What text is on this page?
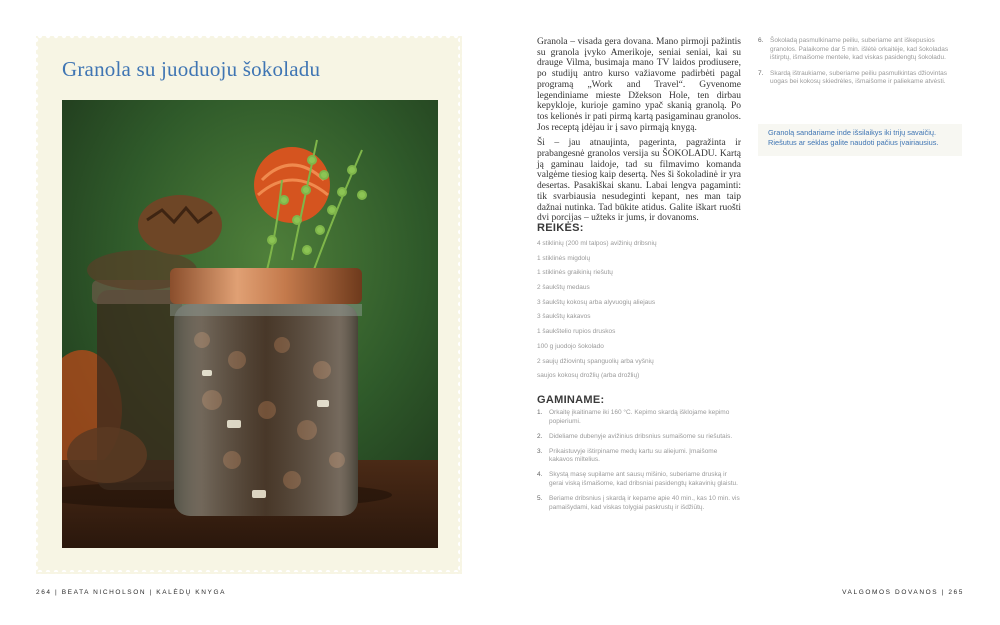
Granola su juoduoju šokoladu
264 | BEATA NICHOLSON | KALĖDŲ KNYGA

Granola – visada gera dovana. Mano pirmoji pažintis su granola įvyko Amerikoje, seniai seniai, kai su drauge Vilma, busimaja mano TV laidos prodiusere, po studijų antro kurso važiavome padirbėti pagal programą „Work and Travel“. Gyvenome legendiniame mieste Džekson Hole, ten dirbau kepykloje, kurioje gamino ypač skanią granolą. Po tos kelionės ir pati pirmą kartą pasigaminau granolos. Jos receptą įdėjau ir į savo pirmąją knygą.

Ši – jau atnaujinta, pagerinta, pagražinta ir prabangesnė granolos versija su ŠOKOLADU. Kartą ją gaminau laidoje, tad su filmavimo komanda valgėme tiesiog kaip desertą. Nes ši šokoladinė ir yra desertas. Pasakiškai skanu. Labai lengva pagaminti: tik svarbiausia nesudeginti kepant, nes man taip dažnai nutinka. Tad būkite atidus. Galite iškart ruošti dvi porcijas – užteks ir jums, ir dovanoms.

REIKĖS:
4 stiklinių (200 ml talpos) avižinių dribsnių
1 stiklinės migdolų
1 stiklinės graikinių riešutų
2 šaukštų medaus
3 šaukštų kokosų arba alyvuogių aliejaus
3 šaukštų kakavos
1 šaukštelio rupios druskos
100 g juodojo šokolado
2 saujų džiovintų spanguolių arba vyšnių
saujos kokosų drožlių (arba drožlių)
GAMINAME:
1. Orkaitę įkaitiname iki 160 °C. Kepimo skardą išklojame kepimo popieriumi.
2. Dideliame dubenyje avižinius dribsnius sumaišome su riešutais.
3. Prikaistuvyje ištirpiname medų kartu su aliejumi. Įmaišome kakavos miltelius.
4. Skystą masę supilame ant sausų mišinio, suberiame druską ir gerai viską išmaišome, kad dribsniai pasidengtų kakavinių glaistu.
5. Beriame dribsnius į skardą ir kepame apie 40 min., kas 10 min. vis pamaišydami, kad viskas tolygiai paskrustų ir išdžiūtų.
6. Šokoladą pasmulkiname peiliu, suberiame ant iškepusios granolos. Palaikome dar 5 min. išlėtė orkaitėje, kad šokoladas ištirptų, išmaišome mentele, kad viskas pasidengtų šokoladu.
7. Skardą ištraukiame, suberiame peiliu pasmulkintas džiovintas uogas bei kokosų skiedrėles, išmaišome ir paliekame atvėsti.
Granolą sandariame inde išsilaikys iki trijų savaičių. Riešutus ar sėklas galite naudoti pačius įvairiausius.
VALGOMOS DOVANOS | 265
